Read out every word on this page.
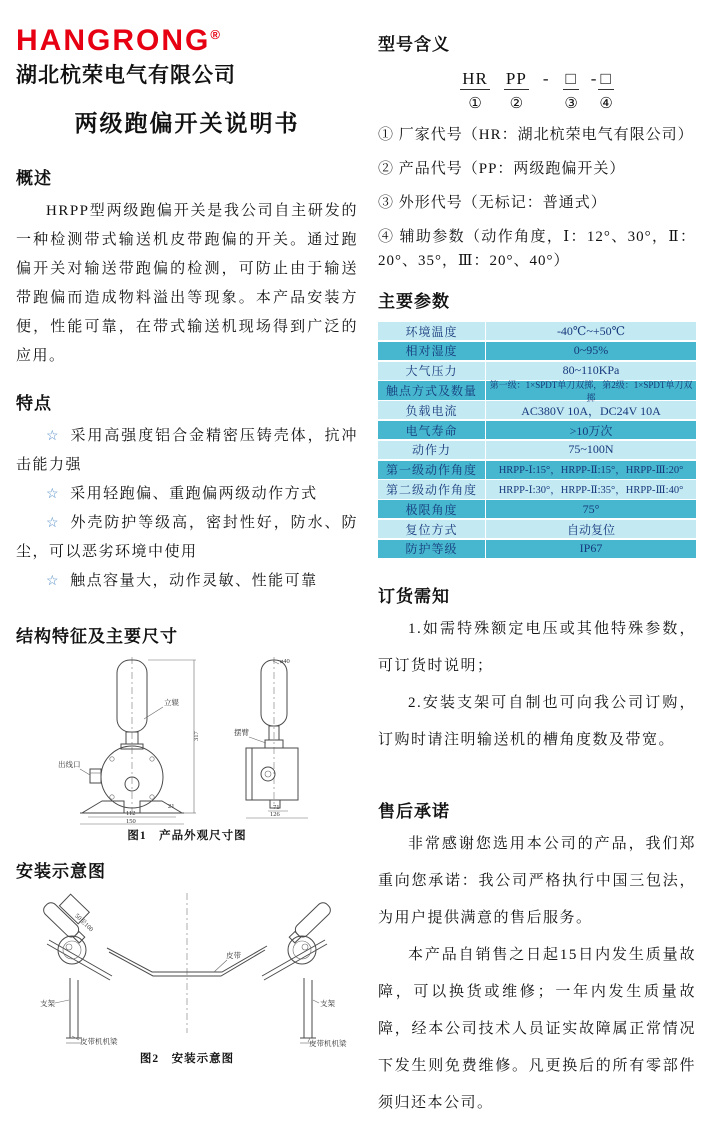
HANGRONG®
湖北杭荣电气有限公司
两级跑偏开关说明书
概述

HRPP型两级跑偏开关是我公司自主研发的一种检测带式输送机皮带跑偏的开关。通过跑偏开关对输送带跑偏的检测，可防止由于输送带跑偏而造成物料溢出等现象。本产品安装方便，性能可靠，在带式输送机现场得到广泛的应用。

特点
☆ 采用高强度铝合金精密压铸壳体，抗冲击能力强
☆ 采用轻跑偏、重跑偏两级动作方式
☆ 外壳防护等级高，密封性好，防水、防尘，可以恶劣环境中使用
☆ 触点容量大，动作灵敏、性能可靠
结构特征及主要尺寸
立辊
出线口
317
112
150
21
ø40
摆臂
71
126
图1　产品外观尺寸图
安装示意图
皮带
50至100
支架
皮带机机梁
支架
皮带机机梁
图2　安装示意图
型号含义
HR
①
PP
②
- □
③
- □
④
① 厂家代号（HR：湖北杭荣电气有限公司）
② 产品代号（PP：两级跑偏开关）
③ 外形代号（无标记：普通式）
④ 辅助参数（动作角度，Ⅰ：12°、30°，Ⅱ：20°、35°，Ⅲ：20°、40°）
主要参数
环境温度	-40℃~+50℃
相对湿度	0~95%
大气压力	80~110KPa
触点方式及数量	第一级：1×SPDT单刀双掷，第2级：1×SPDT单刀双掷
负载电流	AC380V 10A，DC24V 10A
电气寿命	>10万次
动作力	75~100N
第一级动作角度	HRPP-Ⅰ:15°，HRPP-Ⅱ:15°，HRPP-Ⅲ:20°
第二级动作角度	HRPP-Ⅰ:30°，HRPP-Ⅱ:35°，HRPP-Ⅲ:40°
极限角度	75°
复位方式	自动复位
防护等级	IP67
订货需知

1.如需特殊额定电压或其他特殊参数，可订货时说明；

2.安装支架可自制也可向我公司订购，订购时请注明输送机的槽角度数及带宽。

售后承诺

非常感谢您选用本公司的产品，我们郑重向您承诺：我公司严格执行中国三包法，为用户提供满意的售后服务。

本产品自销售之日起15日内发生质量故障，可以换货或维修；一年内发生质量故障，经本公司技术人员证实故障属正常情况下发生则免费维修。凡更换后的所有零部件须归还本公司。
